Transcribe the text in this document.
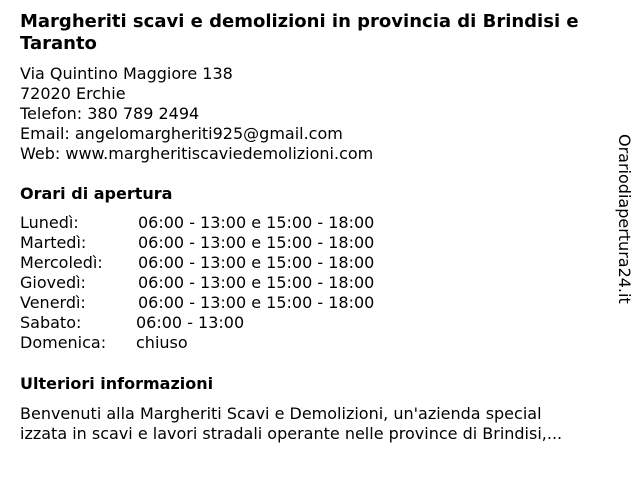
Margheriti scavi e demolizioni in provincia di Brindisi e Taranto
Via Quintino Maggiore 138
72020 Erchie
Telefon: 380 789 2494
Email: angelomargheriti925@gmail.com
Web: www.margheritiscaviedemolizioni.com
Orari di apertura
Lunedì:	06:00 - 13:00 e 15:00 - 18:00
Martedì:	06:00 - 13:00 e 15:00 - 18:00
Mercoledì: 06:00 - 13:00 e 15:00 - 18:00
Giovedì:	06:00 - 13:00 e 15:00 - 18:00
Venerdì:	06:00 - 13:00 e 15:00 - 18:00
Sabato:	06:00 - 13:00
Domenica: chiuso
Ulteriori informazioni
Benvenuti alla Margheriti Scavi e Demolizioni, un'azienda special
izzata in scavi e lavori stradali operante nelle province di Brindisi,...
Orariodiapertura24.it
